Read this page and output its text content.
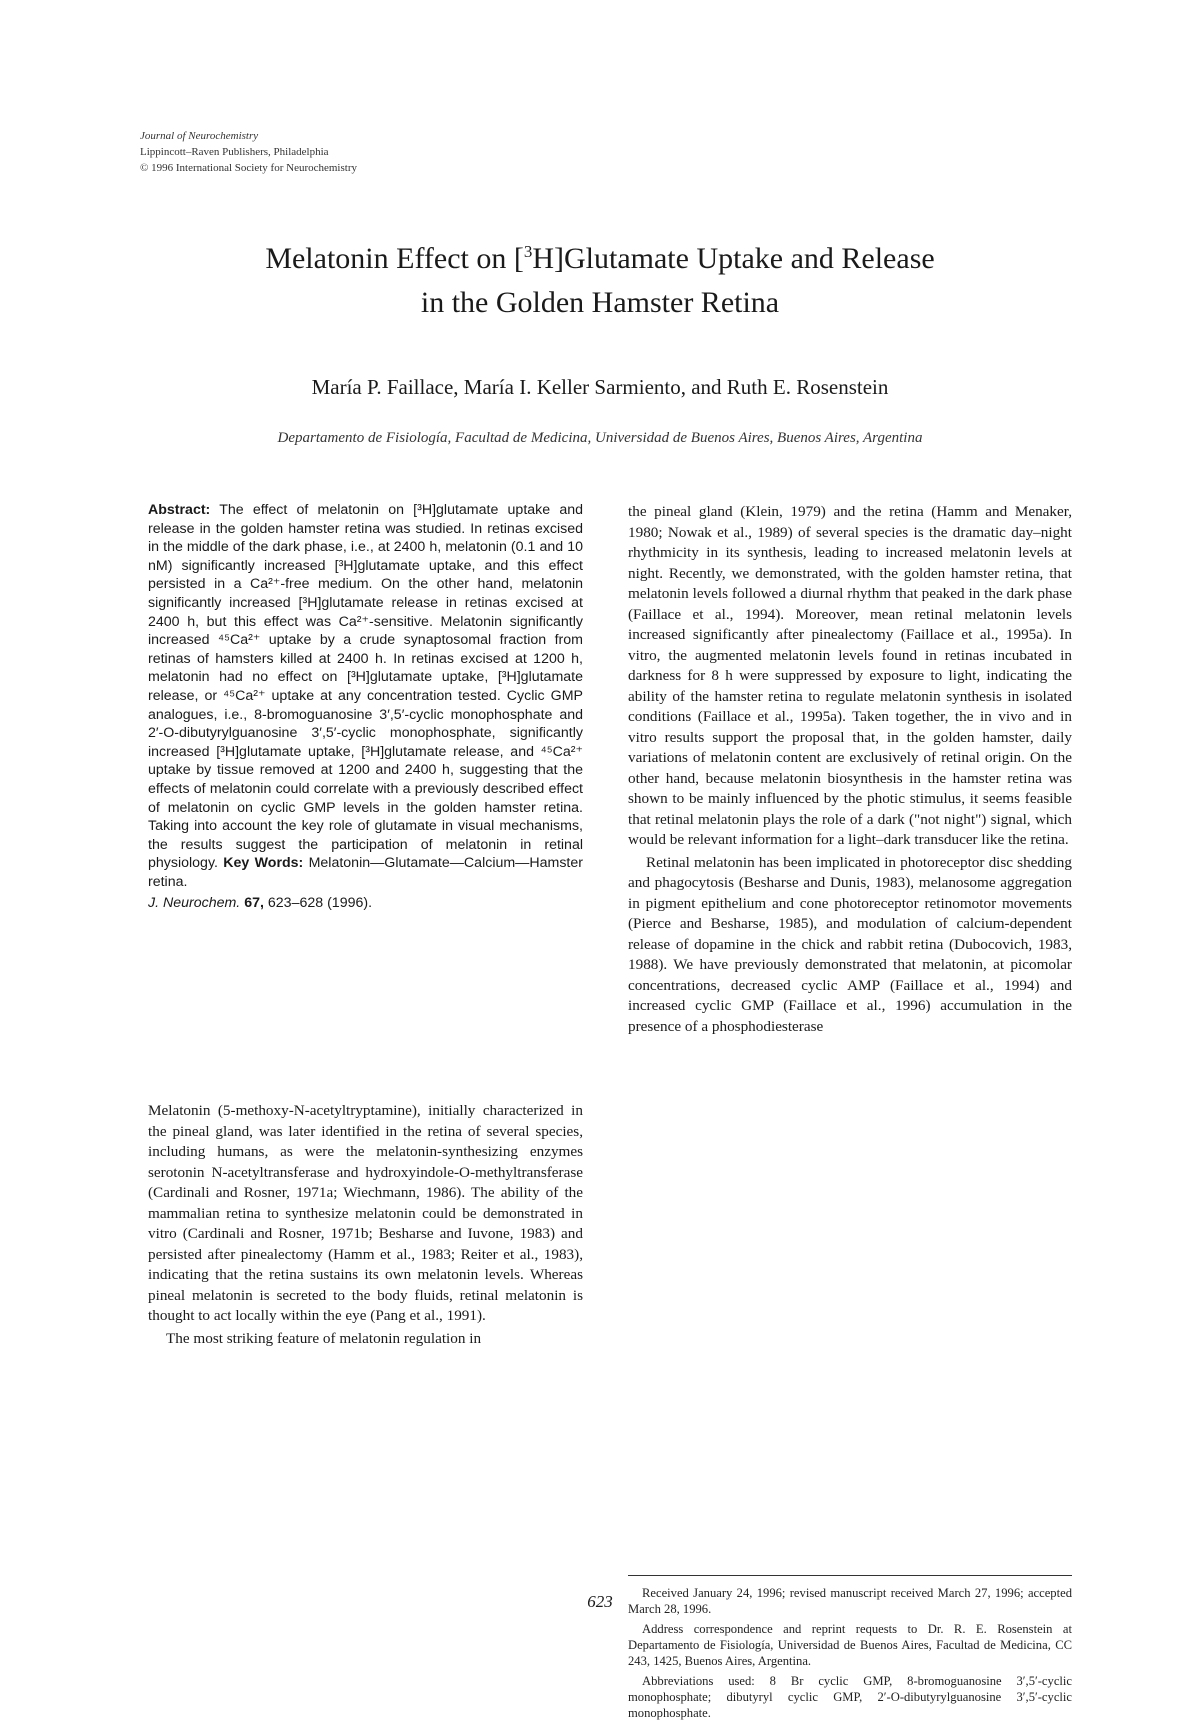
Journal of Neurochemistry
Lippincott–Raven Publishers, Philadelphia
© 1996 International Society for Neurochemistry
Melatonin Effect on [$^3$H]Glutamate Uptake and Release
in the Golden Hamster Retina
María P. Faillace, María I. Keller Sarmiento, and Ruth E. Rosenstein
Departamento de Fisiología, Facultad de Medicina, Universidad de Buenos Aires, Buenos Aires, Argentina

Abstract: The effect of melatonin on [³H]glutamate uptake and release in the golden hamster retina was studied. In retinas excised in the middle of the dark phase, i.e., at 2400 h, melatonin (0.1 and 10 nM) significantly increased [³H]glutamate uptake, and this effect persisted in a Ca²⁺-free medium. On the other hand, melatonin significantly increased [³H]glutamate release in retinas excised at 2400 h, but this effect was Ca²⁺-sensitive. Melatonin significantly increased ⁴⁵Ca²⁺ uptake by a crude synaptosomal fraction from retinas of hamsters killed at 2400 h. In retinas excised at 1200 h, melatonin had no effect on [³H]glutamate uptake, [³H]glutamate release, or ⁴⁵Ca²⁺ uptake at any concentration tested. Cyclic GMP analogues, i.e., 8-bromoguanosine 3′,5′-cyclic monophosphate and 2′-O-dibutyrylguanosine 3′,5′-cyclic monophosphate, significantly increased [³H]glutamate uptake, [³H]glutamate release, and ⁴⁵Ca²⁺ uptake by tissue removed at 1200 and 2400 h, suggesting that the effects of melatonin could correlate with a previously described effect of melatonin on cyclic GMP levels in the golden hamster retina. Taking into account the key role of glutamate in visual mechanisms, the results suggest the participation of melatonin in retinal physiology. Key Words: Melatonin—Glutamate—Calcium—Hamster retina.

J. Neurochem. 67, 623–628 (1996).

Melatonin (5-methoxy-N-acetyltryptamine), initially characterized in the pineal gland, was later identified in the retina of several species, including humans, as were the melatonin-synthesizing enzymes serotonin N-acetyltransferase and hydroxyindole-O-methyltransferase (Cardinali and Rosner, 1971a; Wiechmann, 1986). The ability of the mammalian retina to synthesize melatonin could be demonstrated in vitro (Cardinali and Rosner, 1971b; Besharse and Iuvone, 1983) and persisted after pinealectomy (Hamm et al., 1983; Reiter et al., 1983), indicating that the retina sustains its own melatonin levels. Whereas pineal melatonin is secreted to the body fluids, retinal melatonin is thought to act locally within the eye (Pang et al., 1991).

The most striking feature of melatonin regulation in

the pineal gland (Klein, 1979) and the retina (Hamm and Menaker, 1980; Nowak et al., 1989) of several species is the dramatic day–night rhythmicity in its synthesis, leading to increased melatonin levels at night. Recently, we demonstrated, with the golden hamster retina, that melatonin levels followed a diurnal rhythm that peaked in the dark phase (Faillace et al., 1994). Moreover, mean retinal melatonin levels increased significantly after pinealectomy (Faillace et al., 1995a). In vitro, the augmented melatonin levels found in retinas incubated in darkness for 8 h were suppressed by exposure to light, indicating the ability of the hamster retina to regulate melatonin synthesis in isolated conditions (Faillace et al., 1995a). Taken together, the in vivo and in vitro results support the proposal that, in the golden hamster, daily variations of melatonin content are exclusively of retinal origin. On the other hand, because melatonin biosynthesis in the hamster retina was shown to be mainly influenced by the photic stimulus, it seems feasible that retinal melatonin plays the role of a dark ("not night") signal, which would be relevant information for a light–dark transducer like the retina.

Retinal melatonin has been implicated in photoreceptor disc shedding and phagocytosis (Besharse and Dunis, 1983), melanosome aggregation in pigment epithelium and cone photoreceptor retinomotor movements (Pierce and Besharse, 1985), and modulation of calcium-dependent release of dopamine in the chick and rabbit retina (Dubocovich, 1983, 1988). We have previously demonstrated that melatonin, at picomolar concentrations, decreased cyclic AMP (Faillace et al., 1994) and increased cyclic GMP (Faillace et al., 1996) accumulation in the presence of a phosphodiesterase

Received January 24, 1996; revised manuscript received March 27, 1996; accepted March 28, 1996.

Address correspondence and reprint requests to Dr. R. E. Rosenstein at Departamento de Fisiología, Universidad de Buenos Aires, Facultad de Medicina, CC 243, 1425, Buenos Aires, Argentina.

Abbreviations used: 8 Br cyclic GMP, 8-bromoguanosine 3′,5′-cyclic monophosphate; dibutyryl cyclic GMP, 2′-O-dibutyrylguanosine 3′,5′-cyclic monophosphate.

623
